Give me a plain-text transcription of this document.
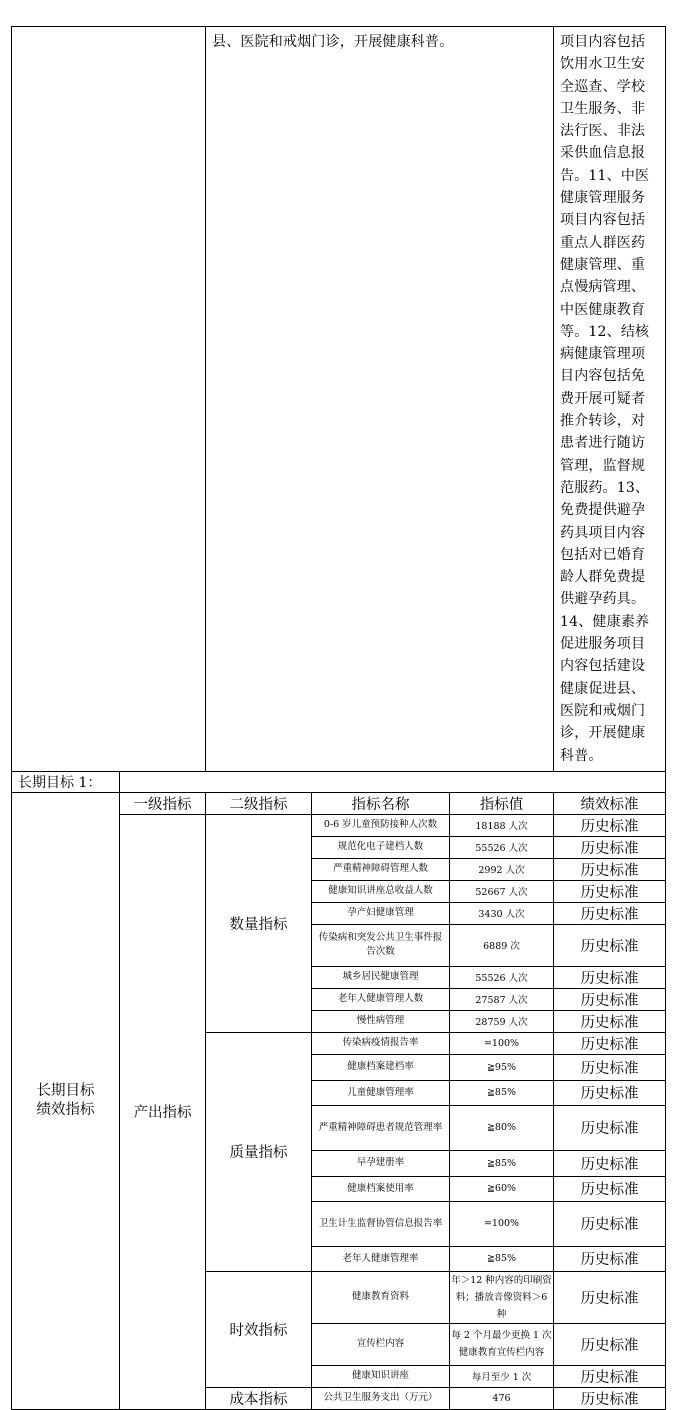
		县、医院和戒烟门诊，开展健康科普。			项目内容包括饮用水卫生安全巡查、学校卫生服务、非法行医、非法采供血信息报告。11、中医健康管理服务项目内容包括重点人群医药健康管理、重点慢病管理、中医健康教育等。12、结核病健康管理项目内容包括免费开展可疑者推介转诊，对患者进行随访管理，监督规范服药。13、免费提供避孕药具项目内容包括对已婚育龄人群免费提供避孕药具。14、健康素养促进服务项目内容包括建设健康促进县、医院和戒烟门诊，开展健康科普。
长期目标 1：					
长期目标
绩效指标	一级指标	二级指标	指标名称	指标值	绩效标准
	产出指标	数量指标	0-6 岁儿童预防接种人次数	18188 人次	历史标准
			规范化电子建档人数	55526 人次	历史标准
			严重精神障碍管理人数	2992 人次	历史标准
			健康知识讲座总收益人数	52667 人次	历史标准
			孕产妇健康管理	3430 人次	历史标准
			传染病和突发公共卫生事件报告次数	6889 次	历史标准
			城乡居民健康管理	55526 人次	历史标准
			老年人健康管理人数	27587 人次	历史标准
			慢性病管理	28759 人次	历史标准
		质量指标	传染病疫情报告率	=100%	历史标准
			健康档案建档率	≧95%	历史标准
			儿童健康管理率	≧85%	历史标准
			严重精神障碍患者规范管理率	≧80%	历史标准
			早孕建册率	≧85%	历史标准
			健康档案使用率	≧60%	历史标准
			卫生计生监督协管信息报告率	=100%	历史标准
			老年人健康管理率	≧85%	历史标准
		时效指标	健康教育资料	年＞12 种内容的印刷资料；播放音像资料＞6 种	历史标准
			宣传栏内容	每 2 个月最少更换 1 次健康教育宣传栏内容	历史标准
			健康知识讲座	每月至少 1 次	历史标准
		成本指标	公共卫生服务支出（万元）	476	历史标准
